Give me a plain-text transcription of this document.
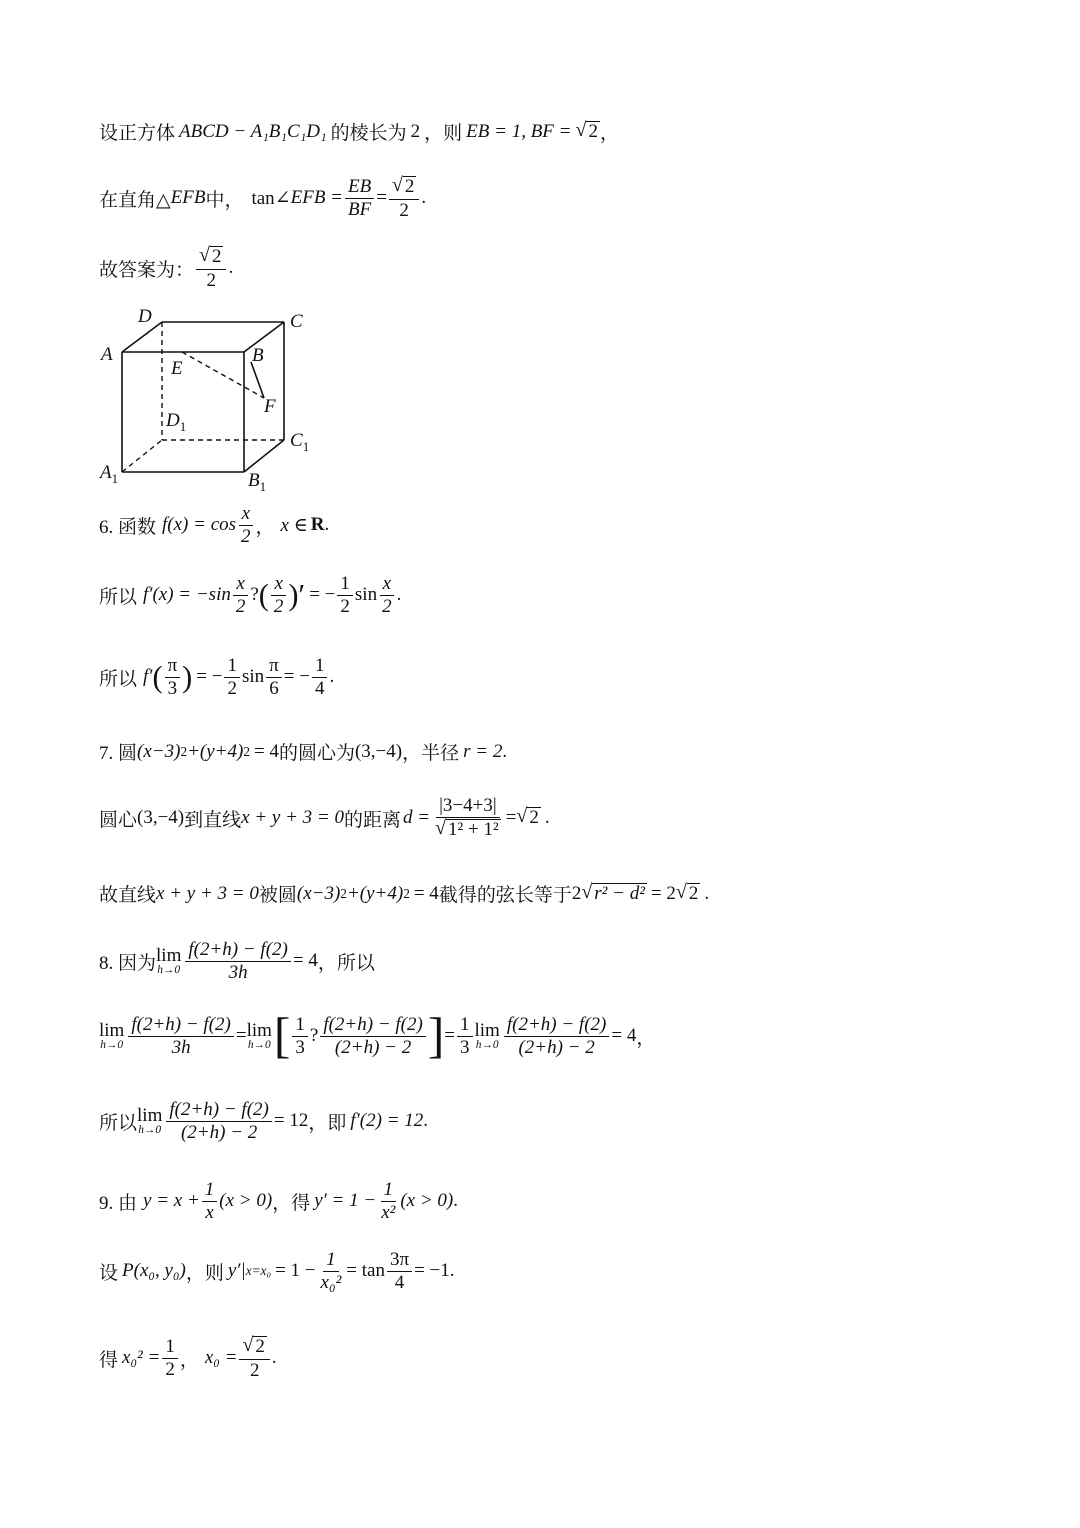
设正方体 ABCD − A₁B₁C₁D₁ 的棱长为 2 ，则 EB = 1, BF = √ 2 ，
在直角△ EFB 中， tan∠ EFB = $\frac{EB}{BF} = \frac{√ 2}{2}$ .
故答案为： $\frac{√ 2}{2}$ .
D	C
A	B
E
F
$D_1$
$C_1$
$A_1$	$B_1$
6. 函数 $f(x) = \cos \frac{x}{2}$ ， x ∈ R .
所以 $f'(x) = -\sin \frac{x}{2}$ ? ( $\frac{x}{2}$ )′ = − $\frac{1}{2}$ $\sin \frac{x}{2}$ .
所以 f′ ( $\frac{\pi}{3}$ ) = − $\frac{1}{2}$ $\sin \frac{\pi}{6}$ = − $\frac{1}{4}$ .
7. 圆 (x−3) 2 +(y+4) 2 = 4 的圆心为 (3,−4) ，半径 r = 2 .
圆心 (3,−4) 到直线 x + y + 3 = 0 的距离 $d = \frac{|3-4+3|}{\text{√ 1² + 1²}}$ = √ 2 .
故直线 x + y + 3 = 0 被圆 (x−3) 2 +(y+4) 2 = 4 截得的弦长等于 2 √ r² − d² = 2 √ 2 .
8. 因为 lim
$h\to 0 \frac{f(2+h) - f(2)}{3h} = 4$ ，所以
lim
$h\to 0 \frac{f(2+h) - f(2)}{3h} = \lim$
h→0 [ $\frac{1}{3}$ ? $\frac{f(2+h) - f(2)}{(2+h) - 2}$ ] = $\frac{1}{3}$ lim
$h\to 0 \frac{f(2+h) - f(2)}{(2+h) - 2} = 4$ ，
所以 lim
$h\to 0 \frac{f(2+h) - f(2)}{(2+h) - 2} = 12$ ，即 f′(2) = 12 .
9. 由 $y = x + \frac{1}{x} (x > 0)$ ，得 $y' = 1 - \frac{1}{\text{x²}} (x > 0)$ .
设 P(x₀, y₀) ，则 y′| $x=x_0 = 1 - \frac{1}{\text{x₀²}} = \tan \frac{3\pi}{4} = -1$ .
得 $x_0^2 = \frac{1}{2}$ ， $x_0 = \frac{√ 2}{2}$ .
